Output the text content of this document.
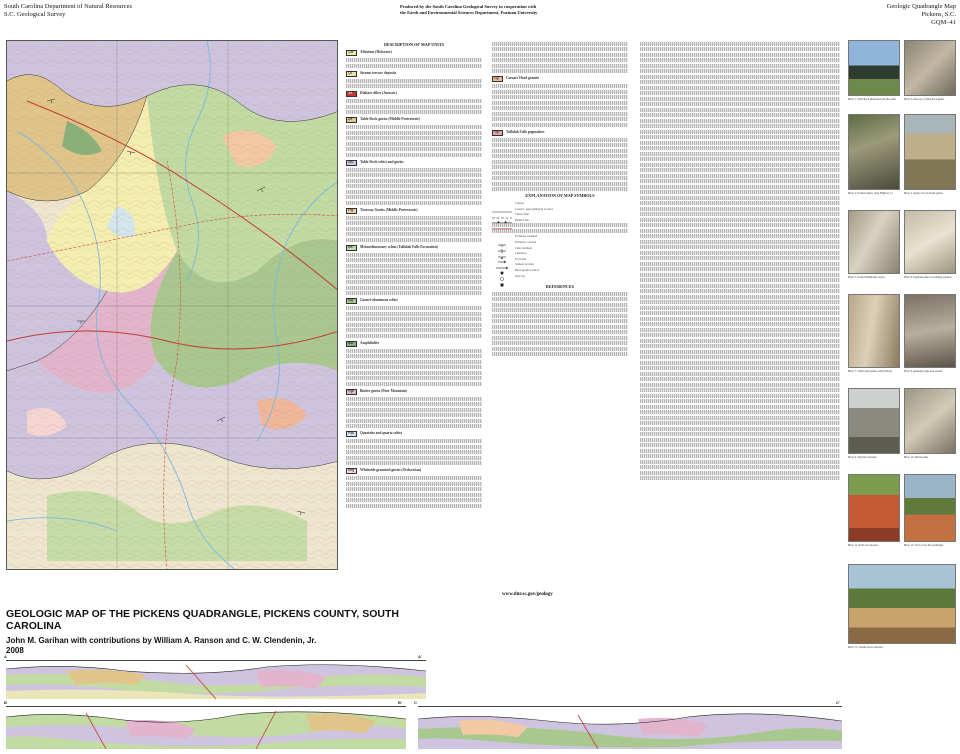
South Carolina Department of Natural Resources
S.C. Geological Survey
Produced by the South Carolina Geological Survey in cooperation with
the Earth and Environmental Sciences Department, Furman University
Geologic Quadrangle Map
Pickens, S.C.
GQM–41
DESCRIPTION OF MAP UNITS
Qal Alluvium (Holocene)
Qt Stream terrace deposits
Jd Diabase dikes (Jurassic)
Ztf Table Rock gneiss (Middle Proterozoic)
Zts Table Rock schist and gneiss
Ptg Toxaway Gneiss (Middle Proterozoic)
Ms Metasedimentary schist (Tallulah Falls Formation)
Mg Garnet-aluminous schist
Ma Amphibolite
Pgn Biotite gneiss (Poor Mountain)
Pqs Quartzite and quartz schist
Wfg Whiteside granitoid gneiss (Ordovician)
Cg Caesars Head granite
Tfp Tallulah Falls pegmatites
EXPLANATION OF MAP SYMBOLS
Contact
Contact, approximately located
Thrust fault
Brittle fault
Foliation, inclined
Foliation, vertical
Joint, inclined
Lineation
Fold axis
Sample location
Photograph location
Outcrop
REFERENCES
Photo 1. Table Rock Mountain from the south.	Photo 2. Outcrop of Table Rock gneiss.
Photo 3. Foliated gneiss along Highway 11.	Photo 4. Quarry face in biotite gneiss.
Photo 5. Folded amphibolite layers.	Photo 6. Pegmatite dike crosscutting foliation.
Photo 7. Schist with garnet porphyroblasts.	Photo 8. Quartzite ledge near stream.
Photo 9. Saprolite exposure.	Photo 10. Diabase dike.
Photo 11. Road cut exposure.	Photo 12. View across the quadrangle.
Photo 13. Stream terrace deposits.
GEOLOGIC MAP OF THE PICKENS QUADRANGLE, PICKENS COUNTY, SOUTH CAROLINA
John M. Garihan with contributions by William A. Ranson and C. W. Clendenin, Jr.
2008
www.dnr.sc.gov/geology
A	A'
B	B'	C	C'
